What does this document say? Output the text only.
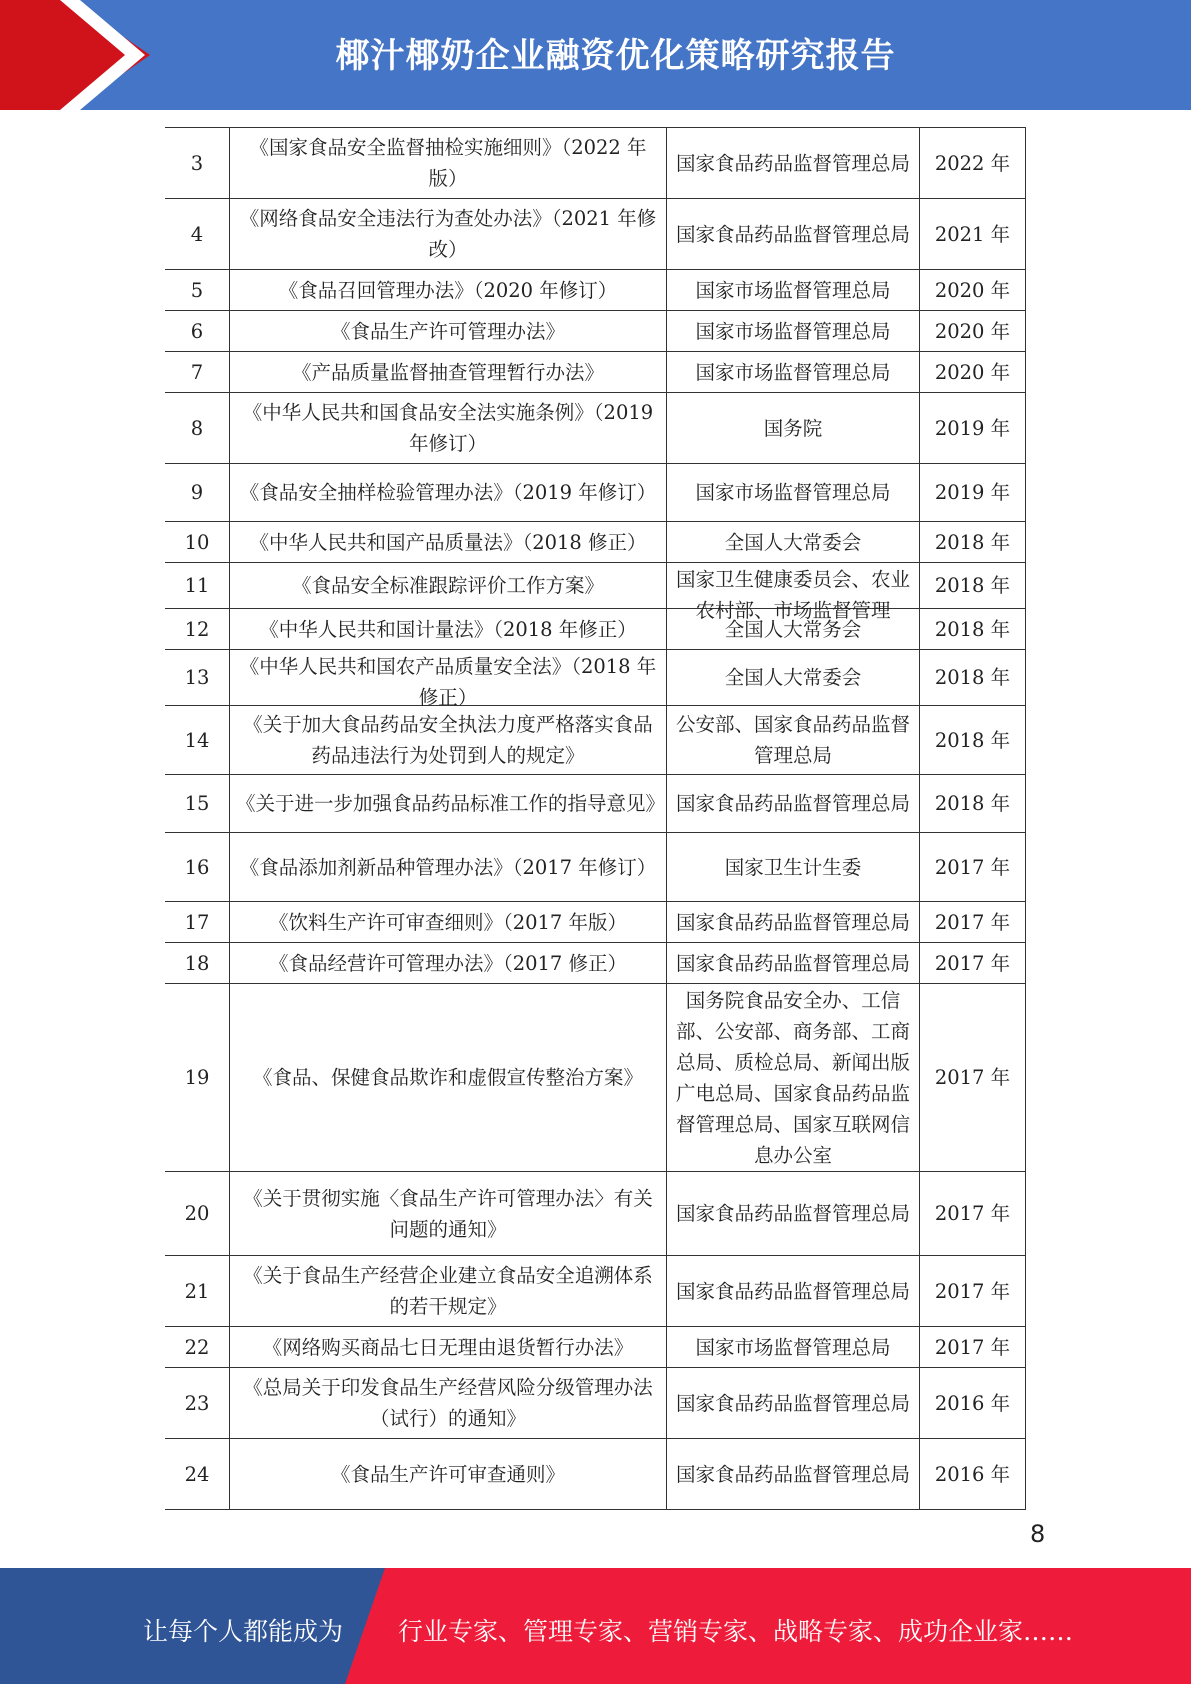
椰汁椰奶企业融资优化策略研究报告
3	《国家食品安全监督抽检实施细则》（2022 年版）	国家食品药品监督管理总局	2022 年

4	《网络食品安全违法行为查处办法》（2021 年修改）	国家食品药品监督管理总局	2021 年

5	《食品召回管理办法》（2020 年修订）	国家市场监督管理总局	2020 年

6	《食品生产许可管理办法》	国家市场监督管理总局	2020 年

7	《产品质量监督抽查管理暂行办法》	国家市场监督管理总局	2020 年

8	《中华人民共和国食品安全法实施条例》（2019 年修订）	国务院	2019 年

9	《食品安全抽样检验管理办法》（2019 年修订）	国家市场监督管理总局	2019 年

10	《中华人民共和国产品质量法》（2018 修正）	全国人大常委会	2018 年

11	《食品安全标准跟踪评价工作方案》	国家卫生健康委员会、农业农村部、市场监督管理	2018 年

12	《中华人民共和国计量法》（2018 年修正）	全国人大常务会	2018 年

13	《中华人民共和国农产品质量安全法》（2018 年修正）	全国人大常委会	2018 年

14	《关于加大食品药品安全执法力度严格落实食品药品违法行为处罚到人的规定》	公安部、国家食品药品监督管理总局	2018 年

15	《关于进一步加强食品药品标准工作的指导意见》	国家食品药品监督管理总局	2018 年

16	《食品添加剂新品种管理办法》（2017 年修订）	国家卫生计生委	2017 年

17	《饮料生产许可审查细则》（2017 年版）	国家食品药品监督管理总局	2017 年

18	《食品经营许可管理办法》（2017 修正）	国家食品药品监督管理总局	2017 年

19	《食品、保健食品欺诈和虚假宣传整治方案》	国务院食品安全办、工信部、公安部、商务部、工商总局、质检总局、新闻出版广电总局、国家食品药品监督管理总局、国家互联网信息办公室	2017 年

20	《关于贯彻实施〈食品生产许可管理办法〉有关问题的通知》	国家食品药品监督管理总局	2017 年

21	《关于食品生产经营企业建立食品安全追溯体系的若干规定》	国家食品药品监督管理总局	2017 年

22	《网络购买商品七日无理由退货暂行办法》	国家市场监督管理总局	2017 年

23	《总局关于印发食品生产经营风险分级管理办法（试行）的通知》	国家食品药品监督管理总局	2016 年

24	《食品生产许可审查通则》	国家食品药品监督管理总局	2016 年
8
让每个人都能成为 行业专家、管理专家、营销专家、战略专家、成功企业家……
